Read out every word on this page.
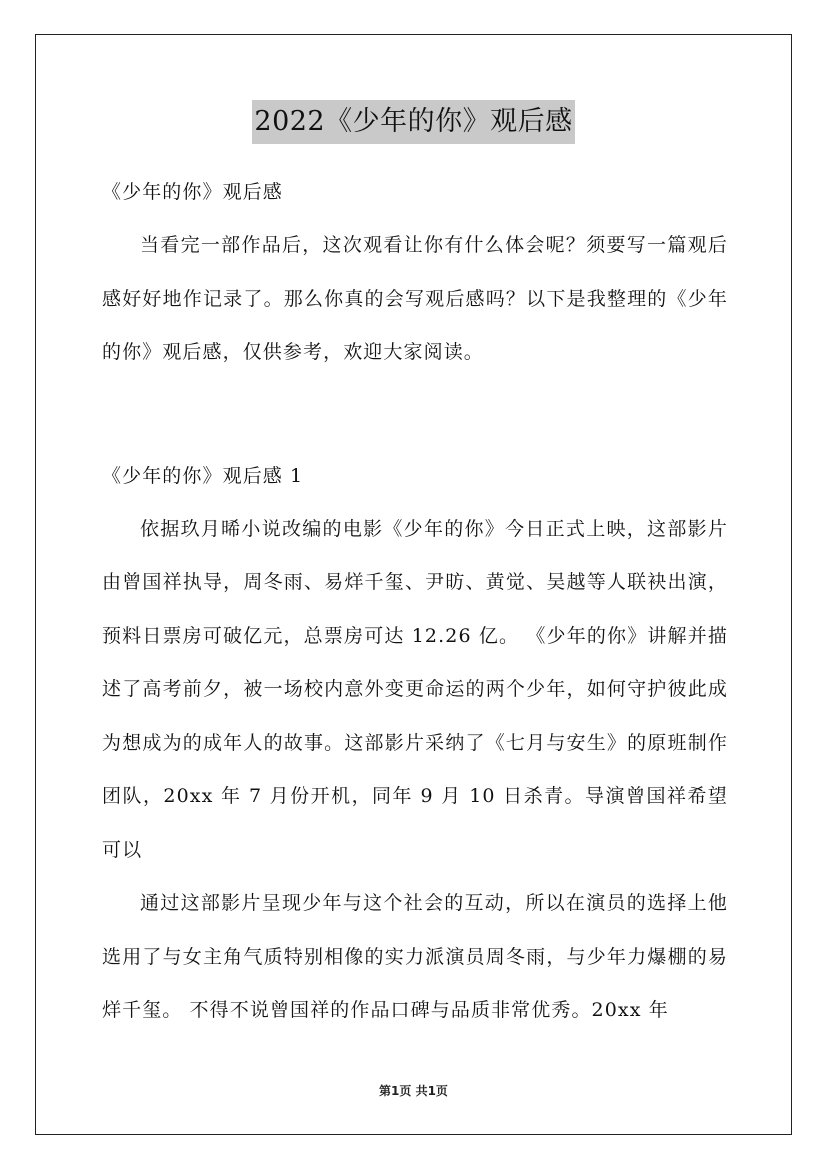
2022《少年的你》观后感

《少年的你》观后感

当看完一部作品后，这次观看让你有什么体会呢？须要写一篇观后感好好地作记录了。那么你真的会写观后感吗？以下是我整理的《少年的你》观后感，仅供参考，欢迎大家阅读。

《少年的你》观后感 1

依据玖月晞小说改编的电影《少年的你》今日正式上映，这部影片由曾国祥执导，周冬雨、易烊千玺、尹昉、黄觉、吴越等人联袂出演，预料日票房可破亿元，总票房可达 12.26 亿。 《少年的你》讲解并描述了高考前夕，被一场校内意外变更命运的两个少年，如何守护彼此成为想成为的成年人的故事。这部影片采纳了《七月与安生》的原班制作团队，20xx 年 7 月份开机，同年 9 月 10 日杀青。导演曾国祥希望可以

通过这部影片呈现少年与这个社会的互动，所以在演员的选择上他选用了与女主角气质特别相像的实力派演员周冬雨，与少年力爆棚的易烊千玺。 不得不说曾国祥的作品口碑与品质非常优秀。20xx 年

第1页 共1页
